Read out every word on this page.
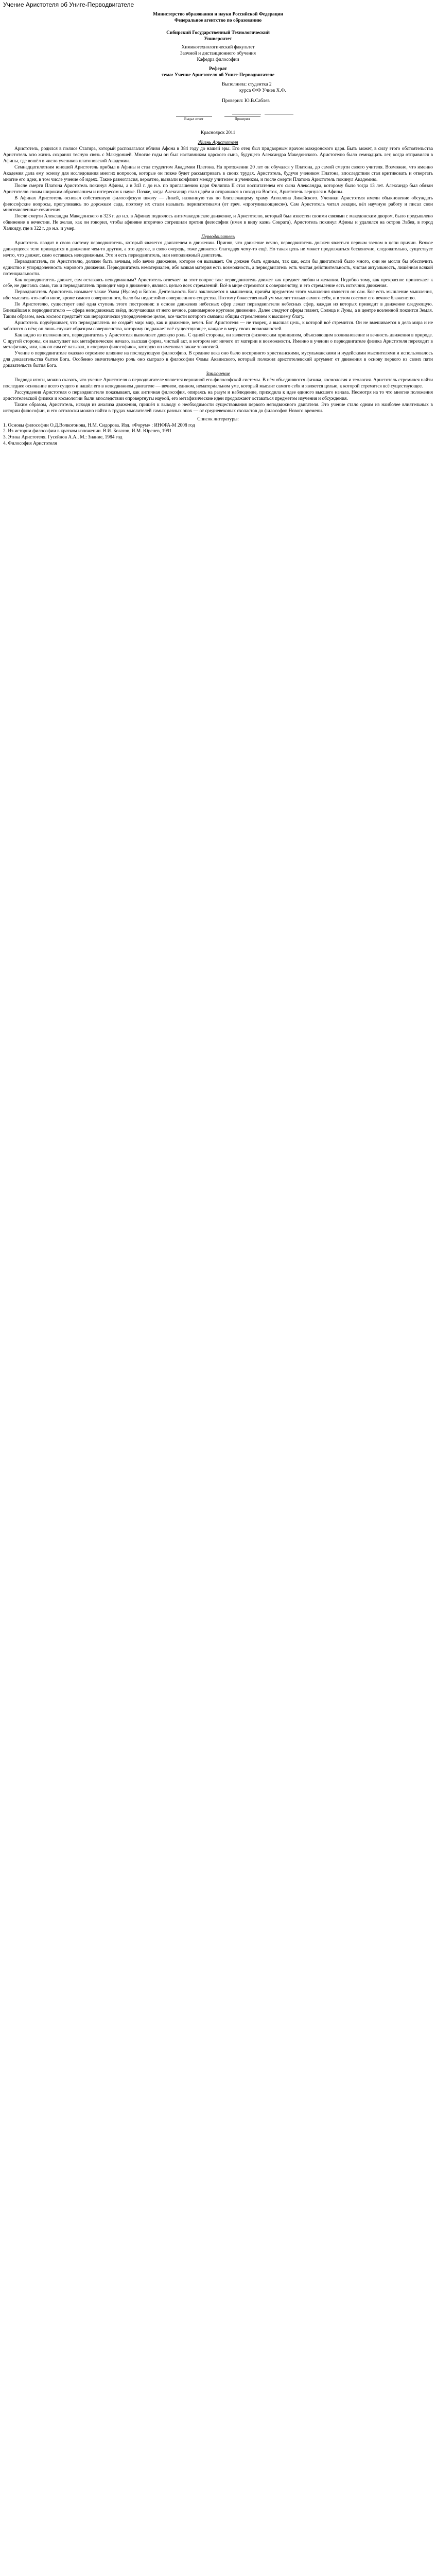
Учение Аристотеля об Униге-Перводвигателе

Министерство образования и науки Российской Федерации

Федеральное агентство по образованию

Сибирский Государственный Технологический

Университет

Химикотехнологический факультет

Заочной и дистанционного обучения

Кафедра философии

Реферат

тема: Учение Аристотеля об Униге-Перводвигателе

Выполнила: студентка 2

курса Ф/Ф Учиев Х.Ф.

Проверил: Ю.В.Саблев

Выдал ответ	Проверил

Красноярск 2011

Жизнь Аристотеля

Аристотель, родился в полисе Стагира, который располагался вблизи Афона в 384 году до нашей эры. Его отец был придворным врачом македонского царя. Быть может, в силу этого обстоятельства Аристотель всю жизнь сохранял тесную связь с Македонией. Многие годы он был наставником царского сына, будущего Александра Македонского. Аристотелю было семнадцать лет, когда отправился в Афины, где вошёл в число учеников платоновской Академии.

Семнадцатилетним юношей Аристотель прибыл в Афины и стал студентом Академии Платона. На протяжении 20 лет он обучался у Платона, до самой смерти своего учителя. Возможно, что именно Академия дала ему основу для исследования многих вопросов, которые он позже будет рассматривать в своих трудах. Аристотель, будучи учеником Платона, впоследствии стал критиковать и отвергать многие его идеи, в том числе учение об идеях. Такие разногласия, вероятно, вызвали конфликт между учителем и учеником, и после смерти Платона Аристотель покинул Академию.

После смерти Платона Аристотель покинул Афины, а в 343 г. до н.э. по приглашению царя Филиппа II стал воспитателем его сына Александра, которому было тогда 13 лет. Александр был обязан Аристотелю своим широким образованием и интересом к науке. Позже, когда Александр стал царём и отправился в поход на Восток, Аристотель вернулся в Афины.

В Афинах Аристотель основал собственную философскую школу — Ликей, названную так по близлежащему храму Аполлона Ликейского. Ученики Аристотеля имели обыкновение обсуждать философские вопросы, прогуливаясь по дорожкам сада, поэтому их стали называть перипатетиками (от греч. «прогуливающиеся»). Сам Аристотель читал лекции, вёл научную работу и писал свои многочисленные сочинения.

После смерти Александра Македонского в 323 г. до н.э. в Афинах поднялось антимакедонское движение, и Аристотелю, который был известен своими связями с македонским двором, было предъявлено обвинение в нечестии. Не желая, как он говорил, чтобы афиняне вторично согрешили против философии (имея в виду казнь Сократа), Аристотель покинул Афины и удалился на остров Эвбея, в город Халкиду, где в 322 г. до н.э. и умер.

Перводвигатель

Аристотель вводит в свою систему перводвигатель, который является двигателем в движении. Приняв, что движение вечно, перводвигатель должен являться первым звеном в цепи причин. Всякое движущееся тело приводится в движение чем-то другим, а это другое, в свою очередь, тоже движется благодаря чему-то ещё. Но такая цепь не может продолжаться бесконечно, следовательно, существует нечто, что движет, само оставаясь неподвижным. Это и есть перводвигатель, или неподвижный двигатель.

Перводвигатель, по Аристотелю, должен быть вечным, ибо вечно движение, которое он вызывает. Он должен быть единым, так как, если бы двигателей было много, они не могли бы обеспечить единство и упорядоченность мирового движения. Перводвигатель нематериален, ибо всякая материя есть возможность, а перводвигатель есть чистая действительность, чистая актуальность, лишённая всякой потенциальности.

Как перводвигатель движет, сам оставаясь неподвижным? Аристотель отвечает на этот вопрос так: перводвигатель движет как предмет любви и желания. Подобно тому, как прекрасное привлекает к себе, не двигаясь само, так и перводвигатель приводит мир в движение, являясь целью всех стремлений. Всё в мире стремится к совершенству, и это стремление есть источник движения.

Перводвигатель Аристотель называет также Умом (Нусом) и Богом. Деятельность Бога заключается в мышлении, причём предметом этого мышления является он сам. Бог есть мышление мышления, ибо мыслить что-либо иное, кроме самого совершенного, было бы недостойно совершенного существа. Поэтому божественный ум мыслит только самого себя, и в этом состоит его вечное блаженство.

По Аристотелю, существует ещё одна ступень этого построения: в основе движения небесных сфер лежат перводвигатели небесных сфер, каждая из которых приводит в движение следующую. Ближайшая к перводвигателю — сфера неподвижных звёзд, получающая от него вечное, равномерное круговое движение. Далее следуют сферы планет, Солнца и Луны, а в центре вселенной покоится Земля. Таким образом, весь космос предстаёт как иерархически упорядоченное целое, все части которого связаны общим стремлением к высшему благу.

Аристотель подчёркивает, что перводвигатель не создаёт мир: мир, как и движение, вечен. Бог Аристотеля — не творец, а высшая цель, к которой всё стремится. Он не вмешивается в дела мира и не заботится о нём; он лишь служит образцом совершенства, которому подражает всё существующее, каждое в меру своих возможностей.

Как видно из изложенного, перводвигатель у Аристотеля выполняет двоякую роль. С одной стороны, он является физическим принципом, объясняющим возникновение и вечность движения в природе. С другой стороны, он выступает как метафизическое начало, высшая форма, чистый акт, в котором нет ничего от материи и возможности. Именно в учении о перводвигателе физика Аристотеля переходит в метафизику, или, как он сам её называл, в «первую философию», которую он именовал также теологией.

Учение о перводвигателе оказало огромное влияние на последующую философию. В средние века оно было воспринято христианскими, мусульманскими и иудейскими мыслителями и использовалось для доказательства бытия Бога. Особенно значительную роль оно сыграло в философии Фомы Аквинского, который положил аристотелевский аргумент от движения в основу первого из своих пяти доказательств бытия Бога.

Заключение

Подводя итоги, можно сказать, что учение Аристотеля о перводвигателе является вершиной его философской системы. В нём объединяются физика, космология и теология. Аристотель стремился найти последнее основание всего сущего и нашёл его в неподвижном двигателе — вечном, едином, нематериальном уме, который мыслит самого себя и является целью, к которой стремится всё существующее.

Рассуждения Аристотеля о перводвигателе показывают, как античная философия, опираясь на разум и наблюдение, приходила к идее единого высшего начала. Несмотря на то что многие положения аристотелевской физики и космологии были впоследствии опровергнуты наукой, его метафизические идеи продолжают оставаться предметом изучения и обсуждения.

Таким образом, Аристотель, исходя из анализа движения, пришёл к выводу о необходимости существования первого неподвижного двигателя. Это учение стало одним из наиболее влиятельных в истории философии, и его отголоски можно найти в трудах мыслителей самых разных эпох — от средневековых схоластов до философов Нового времени.

Список литературы:

1. Основы философии О.Д.Волкогонова, Н.М. Сидорова. Изд. «Форум» : ИНФРА-М 2008 год
2. Из истории философии в кратком изложении. В.И. Богатов, И.М. Юренев, 1991
3. Этика Аристотеля. Гусейнов А.А., М.: Знание, 1984 год
4. Философия Аристотеля
